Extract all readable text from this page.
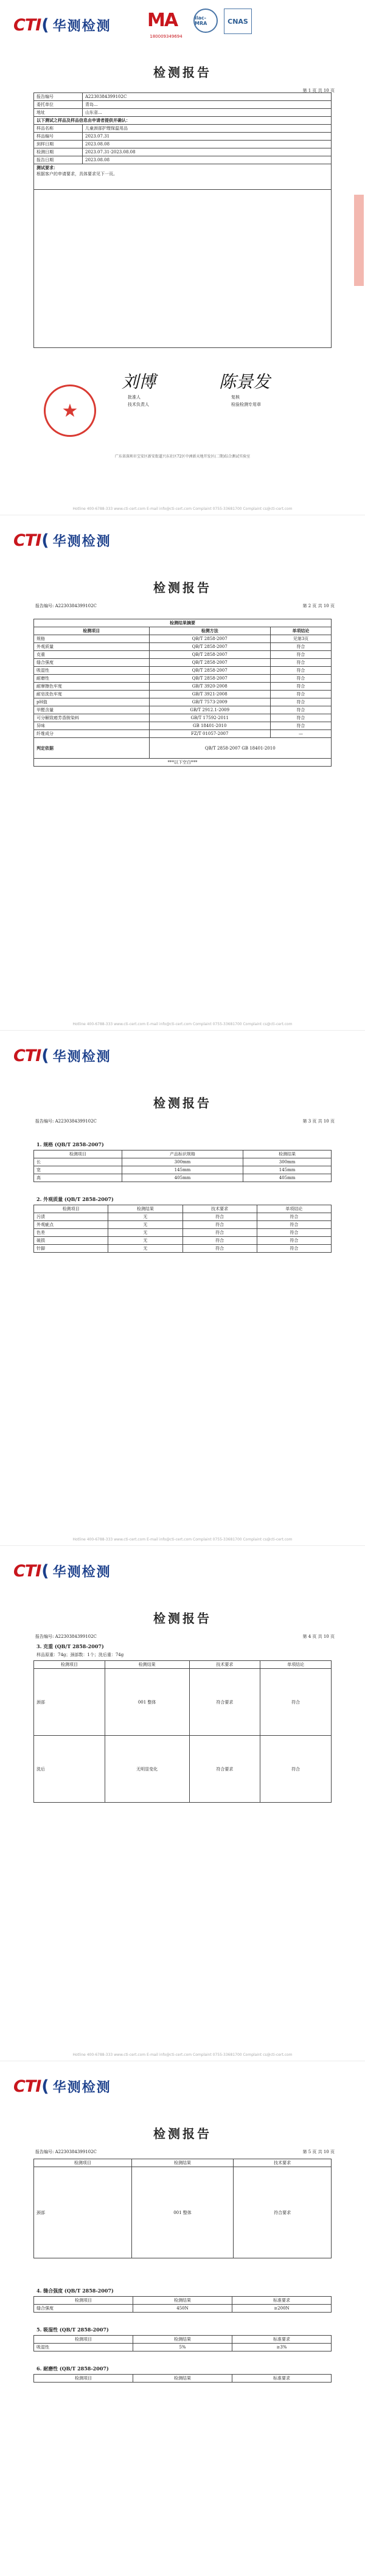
CTI ( 华测检测 MA
180009349694
ilac-MRA	CNAS
检测报告
第 1 页 共 10 页
报告编号	A2230384399102C
委托单位	青岛...
地址	山东省...
以下测试之样品及样品信息由申请者提供并确认：	
样品名称	儿童颈部护理保温用品
样品编号	2023.07.31
到样日期	2023.08.08
检测日期	2023.07.31-2023.08.08
报告日期	2023.08.08
测试要求：
根据客户的申请要求，具体要求见下一页。	

★
刘博	陈景发
批准人
技术负责人
复核
检验检测专用章
广东省深圳市宝安区新安街道兴东社区72区中洲新天地开发区(二期)综合测试实验室
Hotline 400-6788-333 www.cti-cert.com E-mail info@cti-cert.com Complaint 0755-33681700 Complaint cs@cti-cert.com
CTI ( 华测检测
检测报告
报告编号: A2230384399102C	第 2 页 共 10 页
检测结果摘要		
检测项目	检测方法	单项结论
规格	QB/T 2858-2007	见第3页
外观质量	QB/T 2858-2007	符合
克重	QB/T 2858-2007	符合
缝合强度	QB/T 2858-2007	符合
吸湿性	QB/T 2858-2007	符合
耐磨性	QB/T 2858-2007	符合
耐摩擦色牢度	GB/T 3920-2008	符合
耐皂洗色牢度	GB/T 3921-2008	符合
pH值	GB/T 7573-2009	符合
甲醛含量	GB/T 2912.1-2009	符合
可分解致癌芳香胺染料	GB/T 17592-2011	符合
异味	GB 18401-2010	符合
纤维成分	FZ/T 01057-2007	—
判定依据	QB/T 2858-2007 GB 18401-2010	
***以下空白***		
Hotline 400-6788-333 www.cti-cert.com E-mail info@cti-cert.com Complaint 0755-33681700 Complaint cs@cti-cert.com
CTI ( 华测检测
检测报告
报告编号: A2230384399102C	第 3 页 共 10 页
1. 规格 (QB/T 2858-2007)
检测项目	产品标识规格	检测结果
长	300mm	300mm
宽	145mm	145mm
高	405mm	405mm
2. 外观质量 (QB/T 2858-2007)
检测项目	检测结果	技术要求	单项结论
污渍	无	符合	符合
外观疵点	无	符合	符合
色差	无	符合	符合
破损	无	符合	符合
针脚	无	符合	符合
Hotline 400-6788-333 www.cti-cert.com E-mail info@cti-cert.com Complaint 0755-33681700 Complaint cs@cti-cert.com
CTI ( 华测检测
检测报告
报告编号: A2230384399102C	第 4 页 共 10 页
3. 克重 (QB/T 2858-2007)
样品原重：74g；颈部数：1个；洗后重：74g
检测项目	检测结果	技术要求	单项结论
颈部	001 整体	符合要求	符合
洗后	无明显变化	符合要求	符合
Hotline 400-6788-333 www.cti-cert.com E-mail info@cti-cert.com Complaint 0755-33681700 Complaint cs@cti-cert.com
CTI ( 华测检测
检测报告
报告编号: A2230384399102C	第 5 页 共 10 页
检测项目	检测结果	技术要求
颈部	001 整体	符合要求
4. 缝合强度 (QB/T 2858-2007)
检测项目	检测结果	标准要求
缝合强度	450N	≥200N
5. 吸湿性 (QB/T 2858-2007)
检测项目	检测结果	标准要求
吸湿性	5%	≥3%
6. 耐磨性 (QB/T 2858-2007)
检测项目	检测结果	标准要求
